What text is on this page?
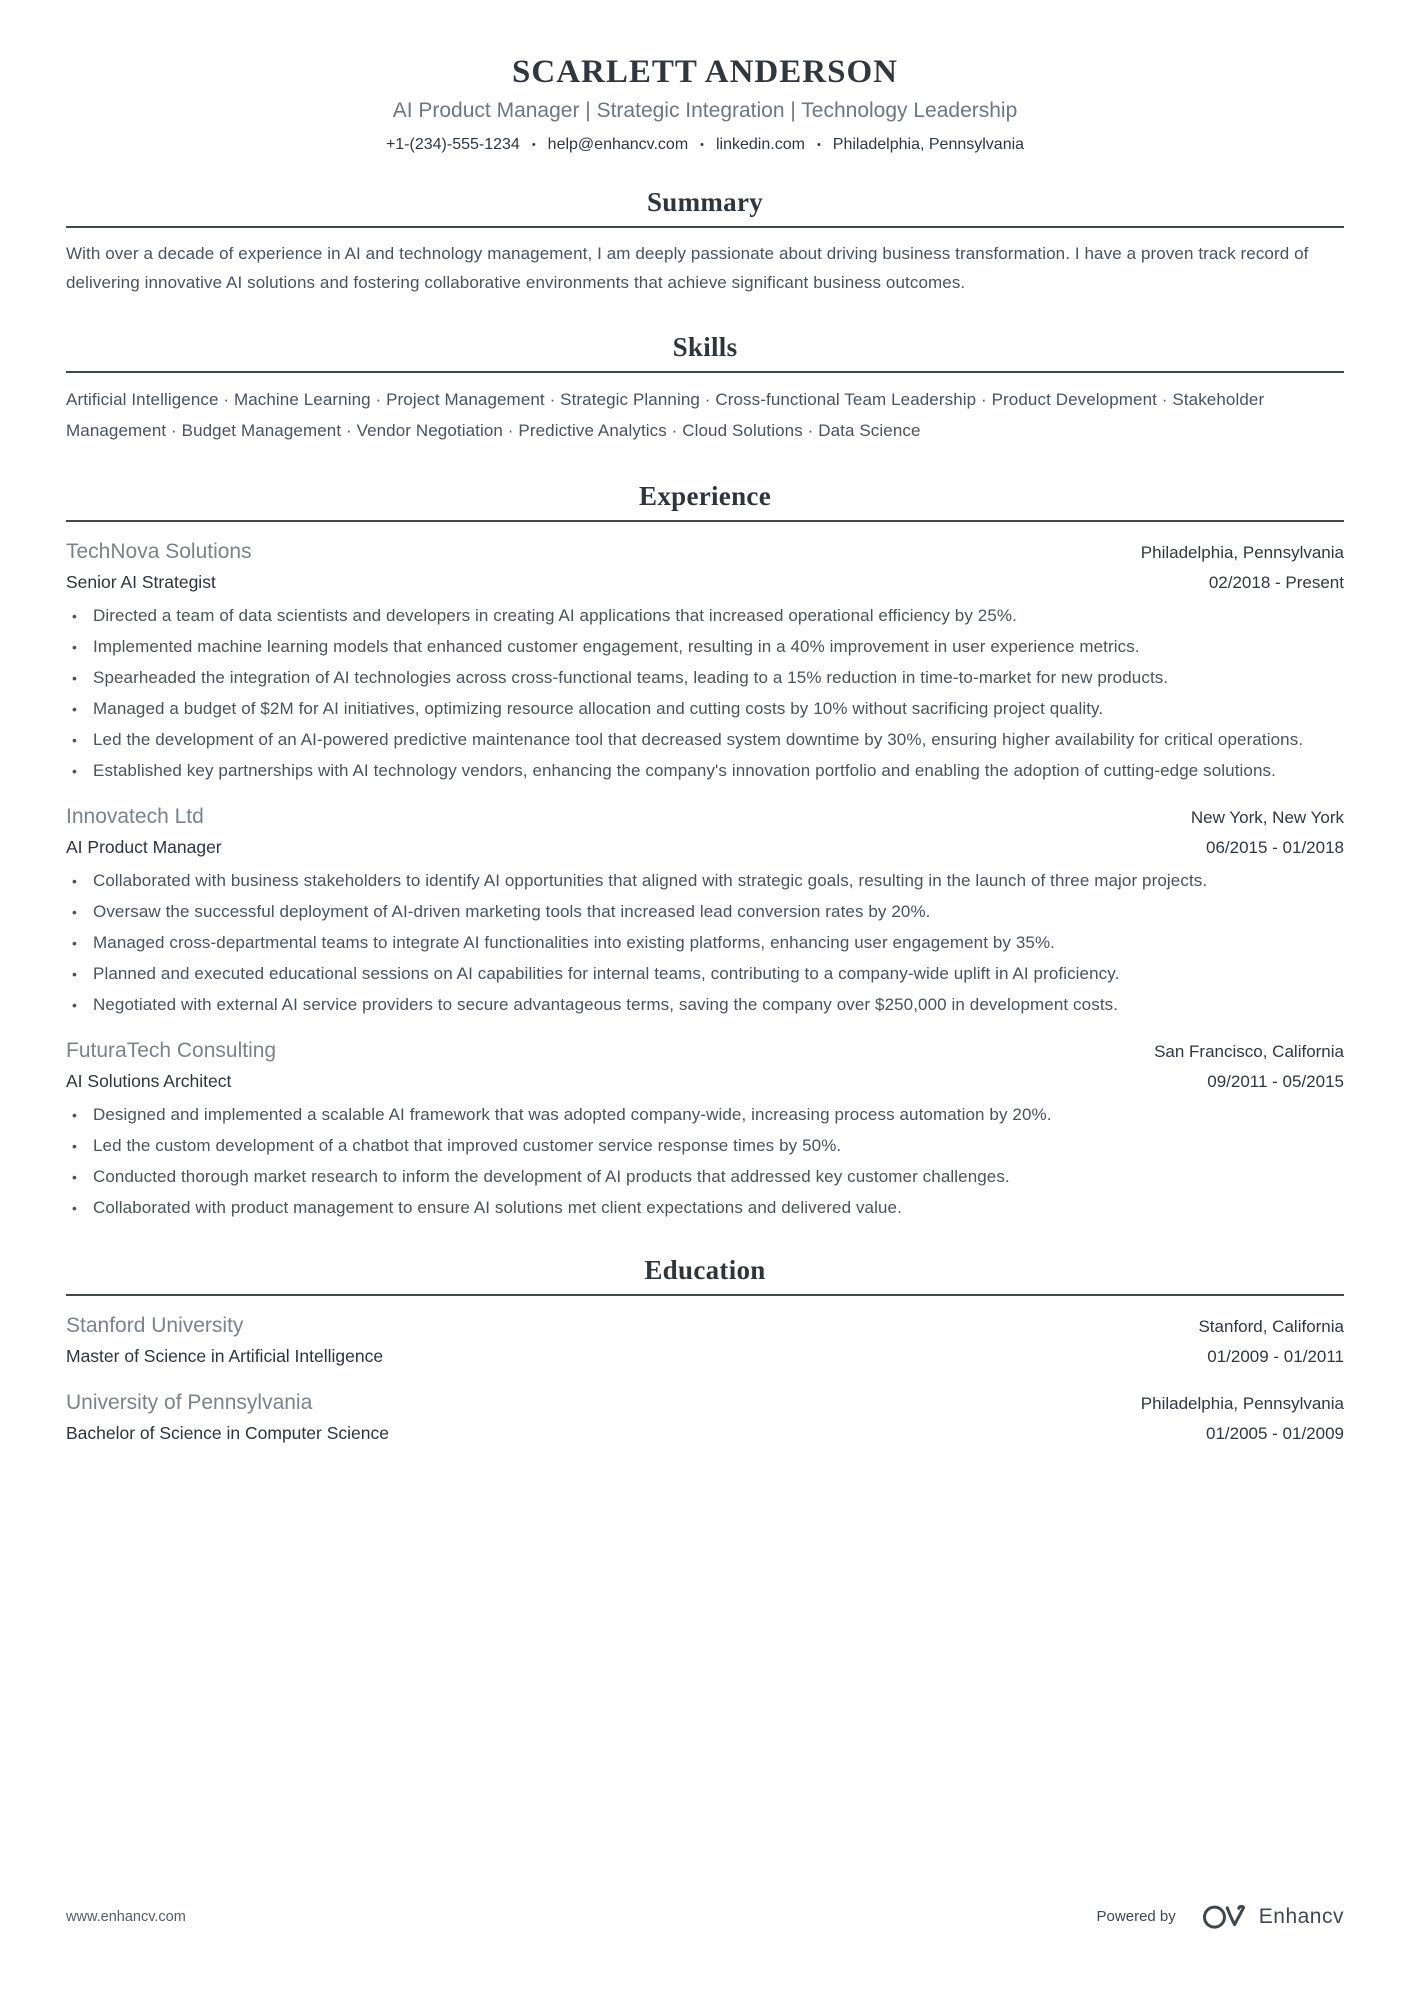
SCARLETT ANDERSON
AI Product Manager | Strategic Integration | Technology Leadership
+1-(234)-555-1234 • help@enhancv.com • linkedin.com • Philadelphia, Pennsylvania
Summary

With over a decade of experience in AI and technology management, I am deeply passionate about driving business transformation. I have a proven track record of delivering innovative AI solutions and fostering collaborative environments that achieve significant business outcomes.

Skills

Artificial Intelligence · Machine Learning · Project Management · Strategic Planning · Cross-functional Team Leadership · Product Development · Stakeholder Management · Budget Management · Vendor Negotiation · Predictive Analytics · Cloud Solutions · Data Science

Experience
TechNova Solutions	Philadelphia, Pennsylvania
Senior AI Strategist	02/2018 - Present
• Directed a team of data scientists and developers in creating AI applications that increased operational efficiency by 25%.
• Implemented machine learning models that enhanced customer engagement, resulting in a 40% improvement in user experience metrics.
• Spearheaded the integration of AI technologies across cross-functional teams, leading to a 15% reduction in time-to-market for new products.
• Managed a budget of $2M for AI initiatives, optimizing resource allocation and cutting costs by 10% without sacrificing project quality.
• Led the development of an AI-powered predictive maintenance tool that decreased system downtime by 30%, ensuring higher availability for critical operations.
• Established key partnerships with AI technology vendors, enhancing the company's innovation portfolio and enabling the adoption of cutting-edge solutions.
Innovatech Ltd	New York, New York
AI Product Manager	06/2015 - 01/2018
• Collaborated with business stakeholders to identify AI opportunities that aligned with strategic goals, resulting in the launch of three major projects.
• Oversaw the successful deployment of AI-driven marketing tools that increased lead conversion rates by 20%.
• Managed cross-departmental teams to integrate AI functionalities into existing platforms, enhancing user engagement by 35%.
• Planned and executed educational sessions on AI capabilities for internal teams, contributing to a company-wide uplift in AI proficiency.
• Negotiated with external AI service providers to secure advantageous terms, saving the company over $250,000 in development costs.
FuturaTech Consulting	San Francisco, California
AI Solutions Architect	09/2011 - 05/2015
• Designed and implemented a scalable AI framework that was adopted company-wide, increasing process automation by 20%.
• Led the custom development of a chatbot that improved customer service response times by 50%.
• Conducted thorough market research to inform the development of AI products that addressed key customer challenges.
• Collaborated with product management to ensure AI solutions met client expectations and delivered value.
Education
Stanford University	Stanford, California
Master of Science in Artificial Intelligence	01/2009 - 01/2011
University of Pennsylvania	Philadelphia, Pennsylvania
Bachelor of Science in Computer Science	01/2005 - 01/2009
www.enhancv.com	Powered by	Enhancv
